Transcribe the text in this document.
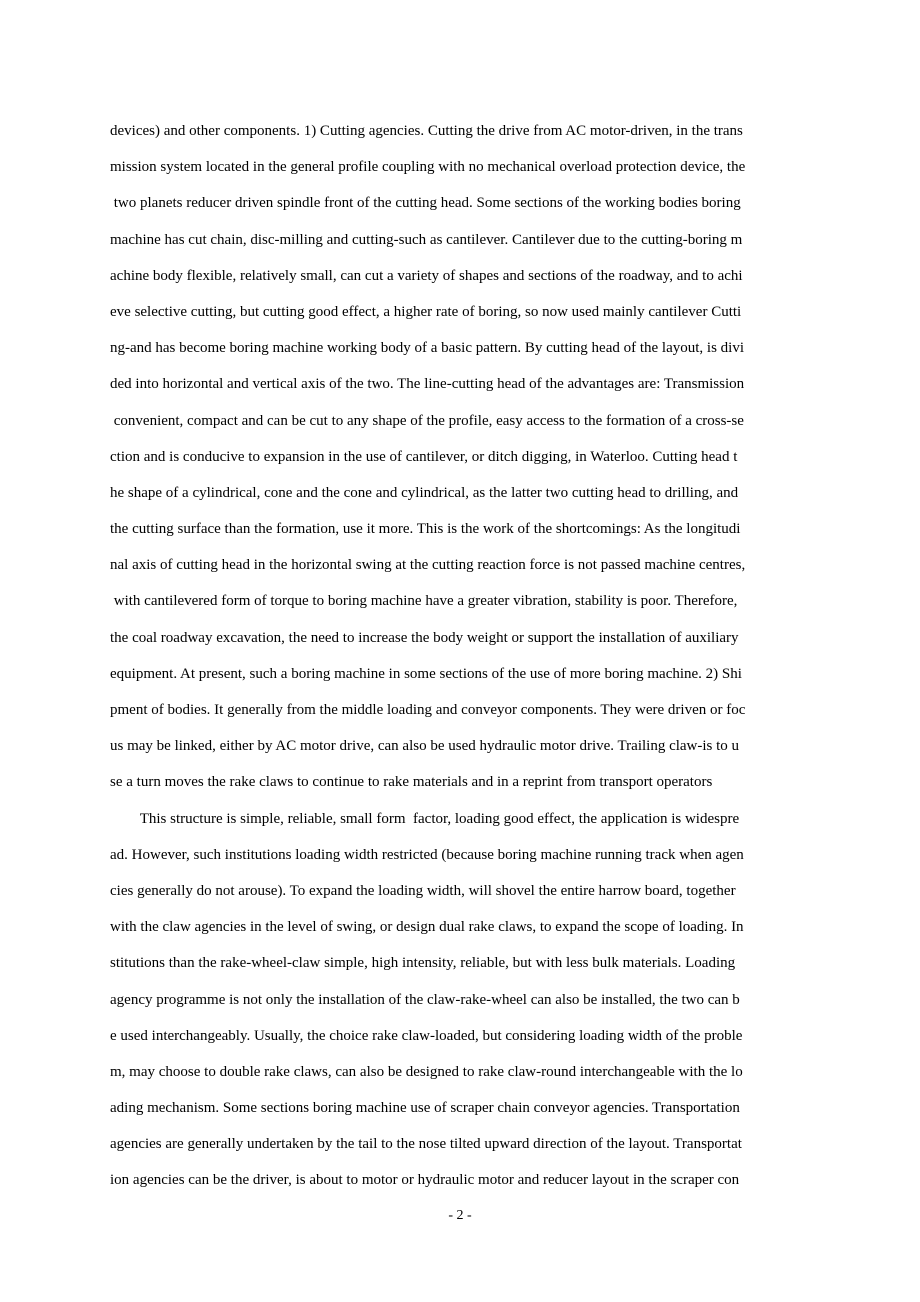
devices) and other components. 1) Cutting agencies. Cutting the drive from AC motor-driven, in the trans
mission system located in the general profile coupling with no mechanical overload protection device, the
two planets reducer driven spindle front of the cutting head. Some sections of the working bodies boring
machine has cut chain, disc-milling and cutting-such as cantilever. Cantilever due to the cutting-boring m
achine body flexible, relatively small, can cut a variety of shapes and sections of the roadway, and to achi
eve selective cutting, but cutting good effect, a higher rate of boring, so now used mainly cantilever Cutti
ng-and has become boring machine working body of a basic pattern. By cutting head of the layout, is divi
ded into horizontal and vertical axis of the two. The line-cutting head of the advantages are: Transmission
convenient, compact and can be cut to any shape of the profile, easy access to the formation of a cross-se
ction and is conducive to expansion in the use of cantilever, or ditch digging, in Waterloo. Cutting head t
he shape of a cylindrical, cone and the cone and cylindrical, as the latter two cutting head to drilling, and
the cutting surface than the formation, use it more. This is the work of the shortcomings: As the longitudi
nal axis of cutting head in the horizontal swing at the cutting reaction force is not passed machine centres,
with cantilevered form of torque to boring machine have a greater vibration, stability is poor. Therefore,
the coal roadway excavation, the need to increase the body weight or support the installation of auxiliary
equipment. At present, such a boring machine in some sections of the use of more boring machine. 2) Shi
pment of bodies. It generally from the middle loading and conveyor components. They were driven or foc
us may be linked, either by AC motor drive, can also be used hydraulic motor drive. Trailing claw-is to u
se a turn moves the rake claws to continue to rake materials and in a reprint from transport operators
This structure is simple, reliable, small form  factor, loading good effect, the application is widespre
ad. However, such institutions loading width restricted (because boring machine running track when agen
cies generally do not arouse). To expand the loading width, will shovel the entire harrow board, together
with the claw agencies in the level of swing, or design dual rake claws, to expand the scope of loading. In
stitutions than the rake-wheel-claw simple, high intensity, reliable, but with less bulk materials. Loading
agency programme is not only the installation of the claw-rake-wheel can also be installed, the two can b
e used interchangeably. Usually, the choice rake claw-loaded, but considering loading width of the proble
m, may choose to double rake claws, can also be designed to rake claw-round interchangeable with the lo
ading mechanism. Some sections boring machine use of scraper chain conveyor agencies. Transportation
agencies are generally undertaken by the tail to the nose tilted upward direction of the layout. Transportat
ion agencies can be the driver, is about to motor or hydraulic motor and reducer layout in the scraper con
- 2 -
